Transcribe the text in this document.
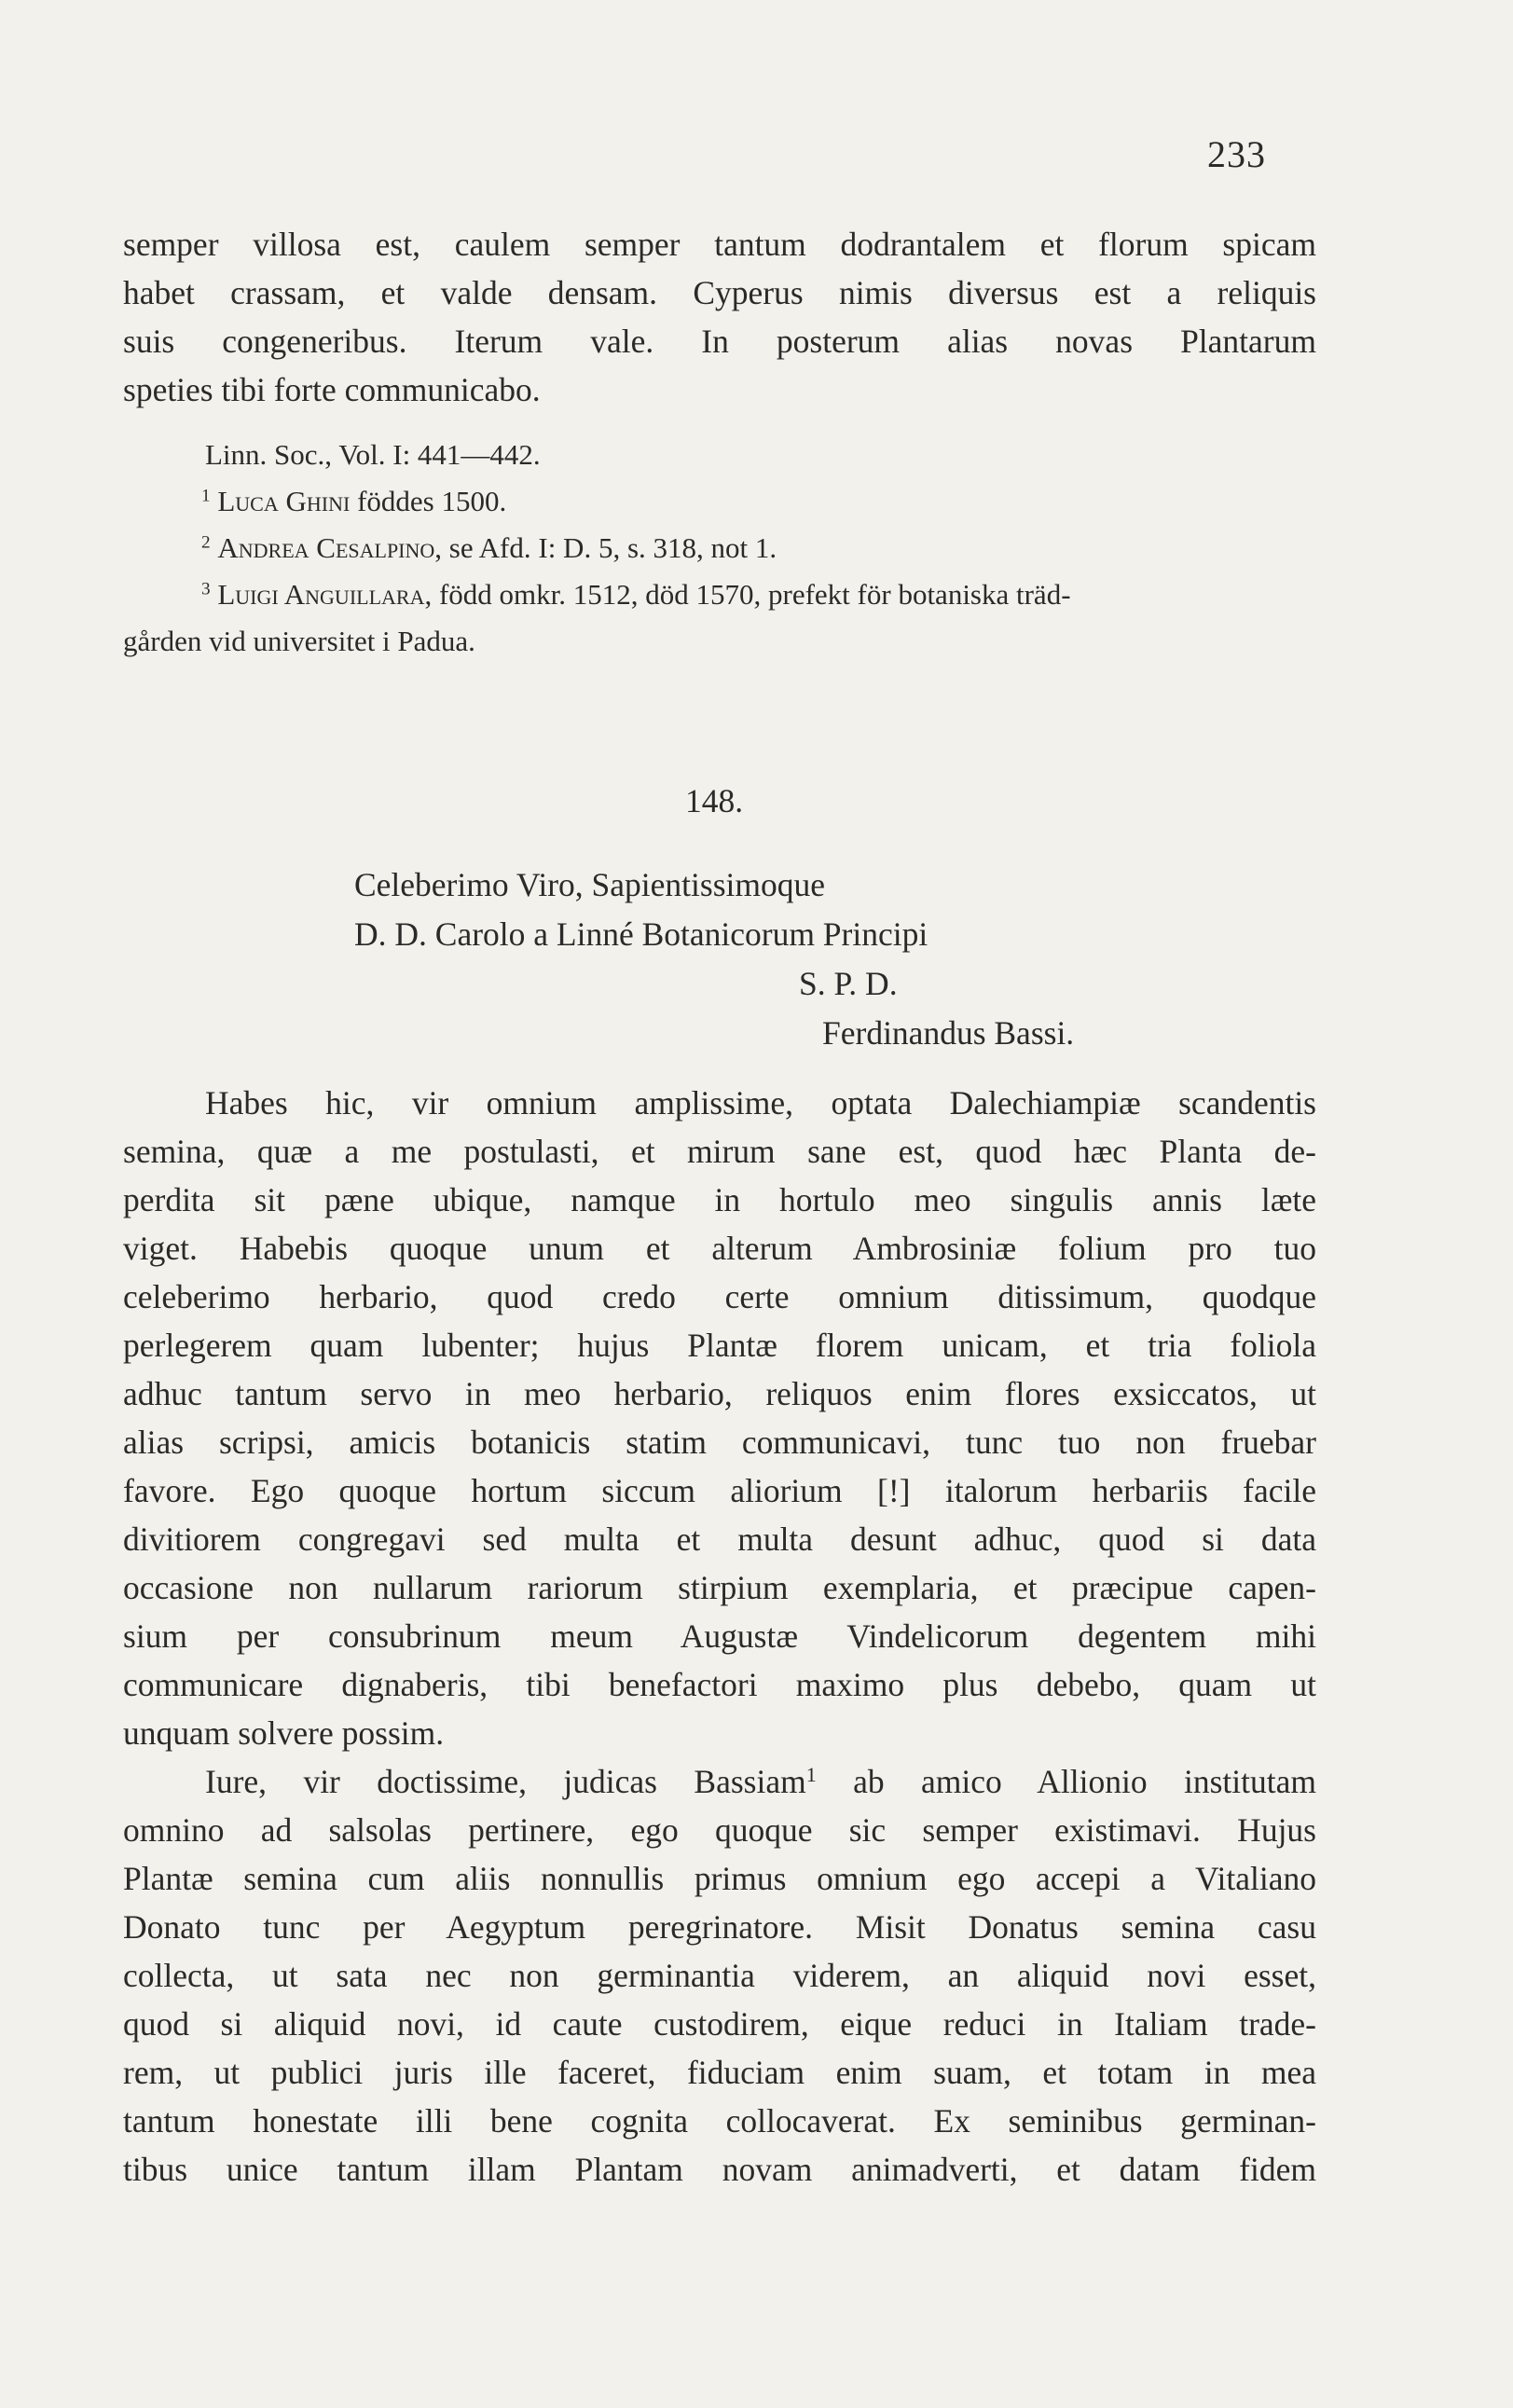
233
semper villosa est, caulem semper tantum dodrantalem et florum spicam
habet crassam, et valde densam. Cyperus nimis diversus est a reliquis
suis congeneribus. Iterum vale. In posterum alias novas Plantarum
speties tibi forte communicabo.
Linn. Soc., Vol. I: 441—442.
$^1$ Luca Ghini föddes 1500.
$^2$ Andrea Cesalpino, se Afd. I: D. 5, s. 318, not 1.
$^3$ Luigi Anguillara, född omkr. 1512, död 1570, prefekt för botaniska träd-
gården vid universitet i Padua.
148.
Celeberimo Viro, Sapientissimoque
D. D. Carolo a Linné Botanicorum Principi
S. P. D.
Ferdinandus Bassi.
Habes hic, vir omnium amplissime, optata Dalechiampiæ scandentis
semina, quæ a me postulasti, et mirum sane est, quod hæc Planta de-
perdita sit pæne ubique, namque in hortulo meo singulis annis læte
viget. Habebis quoque unum et alterum Ambrosiniæ folium pro tuo
celeberimo herbario, quod credo certe omnium ditissimum, quodque
perlegerem quam lubenter; hujus Plantæ florem unicam, et tria foliola
adhuc tantum servo in meo herbario, reliquos enim flores exsiccatos, ut
alias scripsi, amicis botanicis statim communicavi, tunc tuo non fruebar
favore. Ego quoque hortum siccum aliorium [!] italorum herbariis facile
divitiorem congregavi sed multa et multa desunt adhuc, quod si data
occasione non nullarum rariorum stirpium exemplaria, et præcipue capen-
sium per consubrinum meum Augustæ Vindelicorum degentem mihi
communicare dignaberis, tibi benefactori maximo plus debebo, quam ut
unquam solvere possim.
Iure, vir doctissime, judicas Bassiam$^1$ ab amico Allionio institutam
omnino ad salsolas pertinere, ego quoque sic semper existimavi. Hujus
Plantæ semina cum aliis nonnullis primus omnium ego accepi a Vitaliano
Donato tunc per Aegyptum peregrinatore. Misit Donatus semina casu
collecta, ut sata nec non germinantia viderem, an aliquid novi esset,
quod si aliquid novi, id caute custodirem, eique reduci in Italiam trade-
rem, ut publici juris ille faceret, fiduciam enim suam, et totam in mea
tantum honestate illi bene cognita collocaverat. Ex seminibus germinan-
tibus unice tantum illam Plantam novam animadverti, et datam fidem
